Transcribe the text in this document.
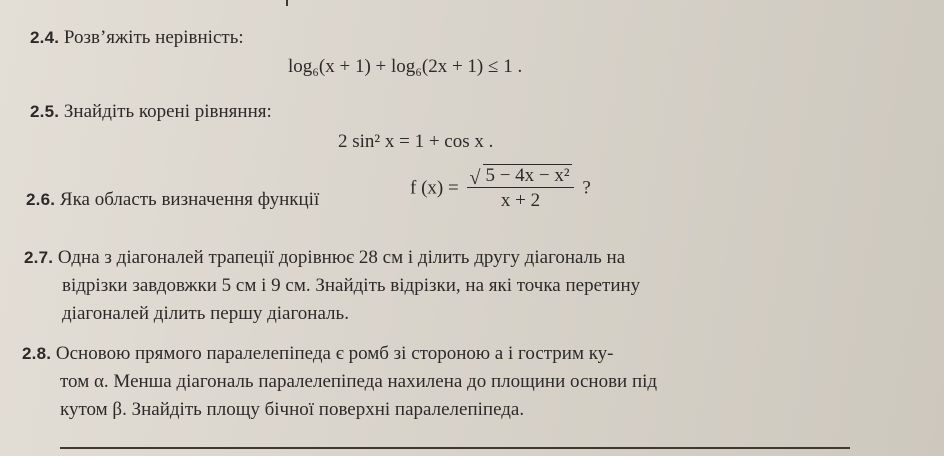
2.4. Розв’яжіть нерівність:
log₆(x + 1) + log₆(2x + 1) ≤ 1 .
2.5. Знайдіть корені рівняння:
2 sin² x = 1 + cos x .
2.6. Яка область визначення функції
f $(x) = \frac{\text{√ 5 − 4x − x²}}{x + 2}$ ?
2.7. Одна з діагоналей трапеції дорівнює 28 см і ділить другу діагональ на
відрізки завдовжки 5 см і 9 см. Знайдіть відрізки, на які точка перетину
діагоналей ділить першу діагональ.
2.8. Основою прямого паралелепіпеда є ромб зі стороною a і гострим ку-
том α. Менша діагональ паралелепіпеда нахилена до площини основи під
кутом β. Знайдіть площу бічної поверхні паралелепіпеда.
